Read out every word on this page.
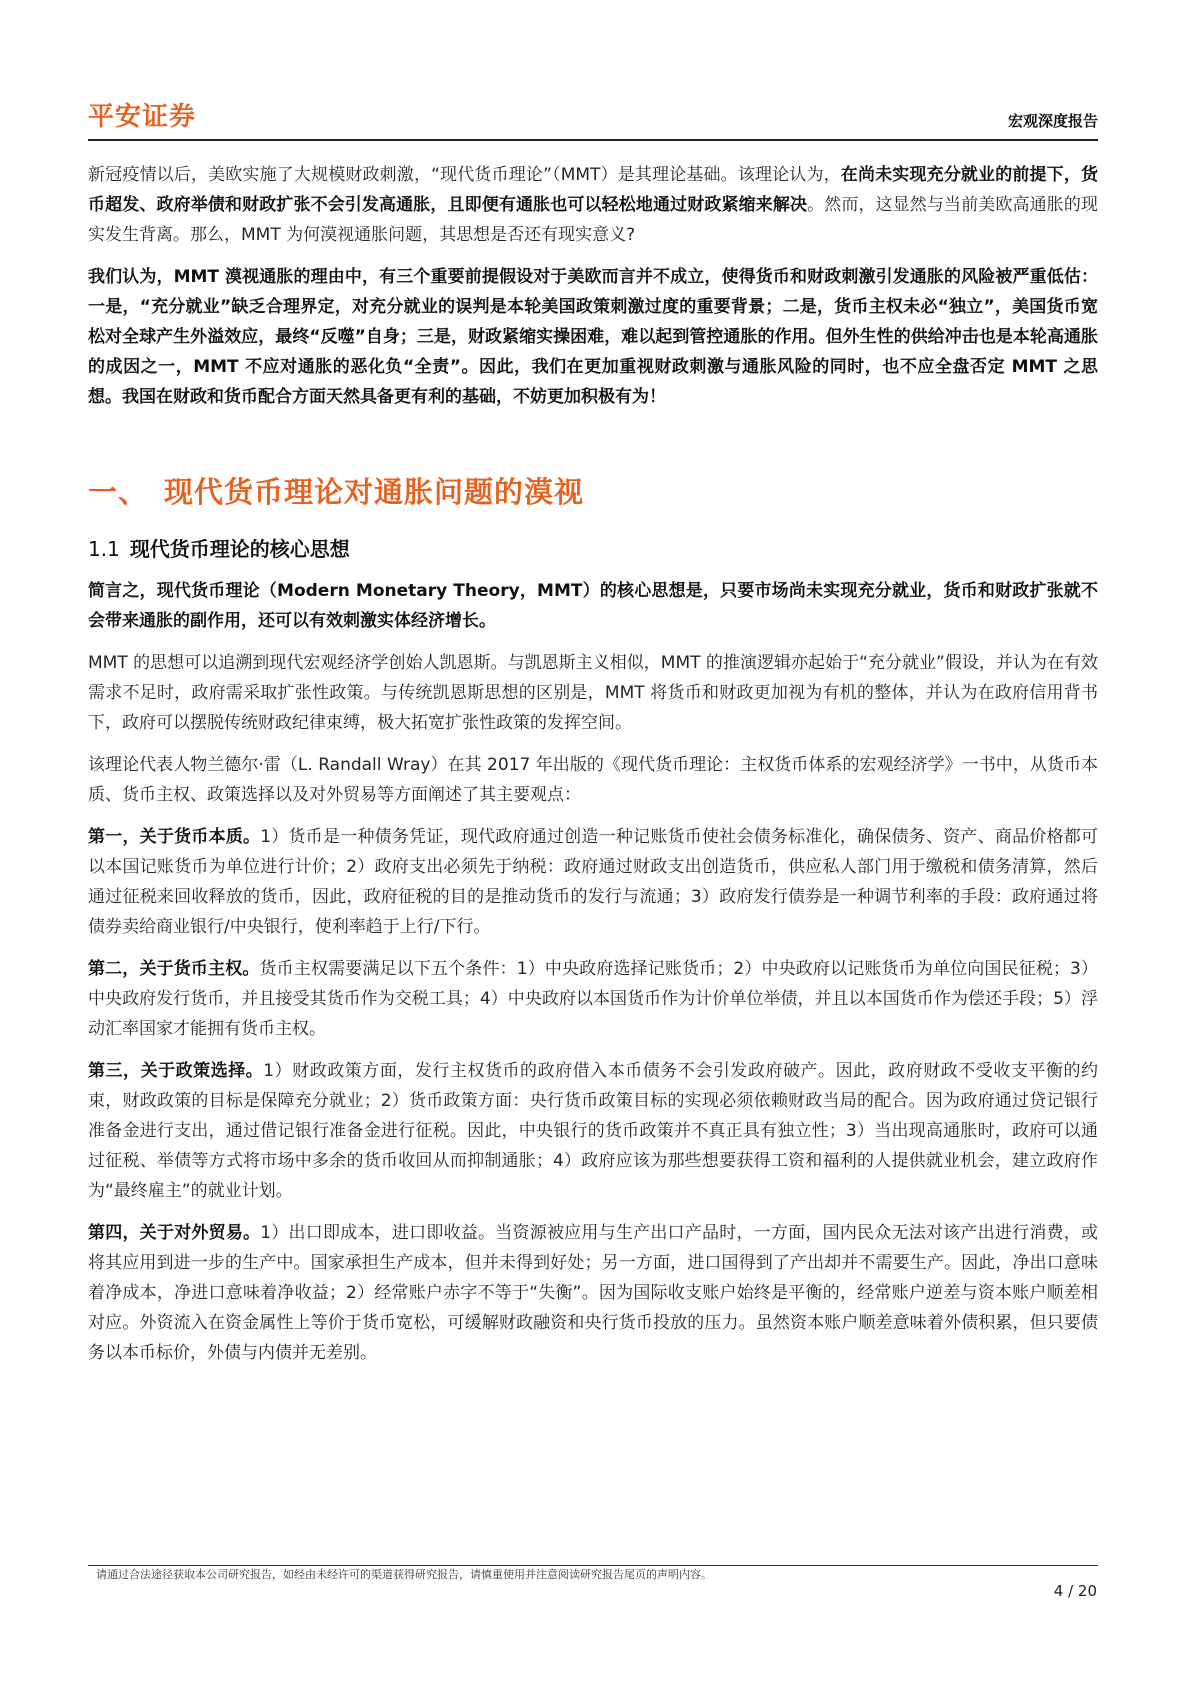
平安证券	宏观深度报告

新冠疫情以后，美欧实施了大规模财政刺激，“现代货币理论”（MMT）是其理论基础。该理论认为，在尚未实现充分就业的前提下，货币超发、政府举债和财政扩张不会引发高通胀，且即便有通胀也可以轻松地通过财政紧缩来解决。然而，这显然与当前美欧高通胀的现实发生背离。那么，MMT 为何漠视通胀问题，其思想是否还有现实意义?

我们认为，MMT 漠视通胀的理由中，有三个重要前提假设对于美欧而言并不成立，使得货币和财政刺激引发通胀的风险被严重低估：一是，“充分就业”缺乏合理界定，对充分就业的误判是本轮美国政策刺激过度的重要背景；二是，货币主权未必“独立”，美国货币宽松对全球产生外溢效应，最终“反噬”自身；三是，财政紧缩实操困难，难以起到管控通胀的作用。但外生性的供给冲击也是本轮高通胀的成因之一，MMT 不应对通胀的恶化负“全责”。因此，我们在更加重视财政刺激与通胀风险的同时，也不应全盘否定 MMT 之思想。我国在财政和货币配合方面天然具备更有利的基础，不妨更加积极有为！

一、 现代货币理论对通胀问题的漠视
1.1 现代货币理论的核心思想

简言之，现代货币理论（Modern Monetary Theory，MMT）的核心思想是，只要市场尚未实现充分就业，货币和财政扩张就不会带来通胀的副作用，还可以有效刺激实体经济增长。

MMT 的思想可以追溯到现代宏观经济学创始人凯恩斯。与凯恩斯主义相似，MMT 的推演逻辑亦起始于“充分就业”假设，并认为在有效需求不足时，政府需采取扩张性政策。与传统凯恩斯思想的区别是，MMT 将货币和财政更加视为有机的整体，并认为在政府信用背书下，政府可以摆脱传统财政纪律束缚，极大拓宽扩张性政策的发挥空间。

该理论代表人物兰德尔·雷（L. Randall Wray）在其 2017 年出版的《现代货币理论：主权货币体系的宏观经济学》一书中，从货币本质、货币主权、政策选择以及对外贸易等方面阐述了其主要观点：

第一，关于货币本质。1）货币是一种债务凭证，现代政府通过创造一种记账货币使社会债务标准化，确保债务、资产、商品价格都可以本国记账货币为单位进行计价；2）政府支出必须先于纳税：政府通过财政支出创造货币，供应私人部门用于缴税和债务清算，然后通过征税来回收释放的货币，因此，政府征税的目的是推动货币的发行与流通；3）政府发行债券是一种调节利率的手段：政府通过将债券卖给商业银行/中央银行，使利率趋于上行/下行。

第二，关于货币主权。货币主权需要满足以下五个条件：1）中央政府选择记账货币；2）中央政府以记账货币为单位向国民征税；3）中央政府发行货币，并且接受其货币作为交税工具；4）中央政府以本国货币作为计价单位举债，并且以本国货币作为偿还手段；5）浮动汇率国家才能拥有货币主权。

第三，关于政策选择。1）财政政策方面，发行主权货币的政府借入本币债务不会引发政府破产。因此，政府财政不受收支平衡的约束，财政政策的目标是保障充分就业；2）货币政策方面：央行货币政策目标的实现必须依赖财政当局的配合。因为政府通过贷记银行准备金进行支出，通过借记银行准备金进行征税。因此，中央银行的货币政策并不真正具有独立性；3）当出现高通胀时，政府可以通过征税、举债等方式将市场中多余的货币收回从而抑制通胀；4）政府应该为那些想要获得工资和福利的人提供就业机会，建立政府作为“最终雇主”的就业计划。

第四，关于对外贸易。1）出口即成本，进口即收益。当资源被应用与生产出口产品时，一方面，国内民众无法对该产出进行消费，或将其应用到进一步的生产中。国家承担生产成本，但并未得到好处；另一方面，进口国得到了产出却并不需要生产。因此，净出口意味着净成本，净进口意味着净收益；2）经常账户赤字不等于“失衡”。因为国际收支账户始终是平衡的，经常账户逆差与资本账户顺差相对应。外资流入在资金属性上等价于货币宽松，可缓解财政融资和央行货币投放的压力。虽然资本账户顺差意味着外债积累，但只要债务以本币标价，外债与内债并无差别。

请通过合法途径获取本公司研究报告，如经由未经许可的渠道获得研究报告，请慎重使用并注意阅读研究报告尾页的声明内容。
4 / 20
